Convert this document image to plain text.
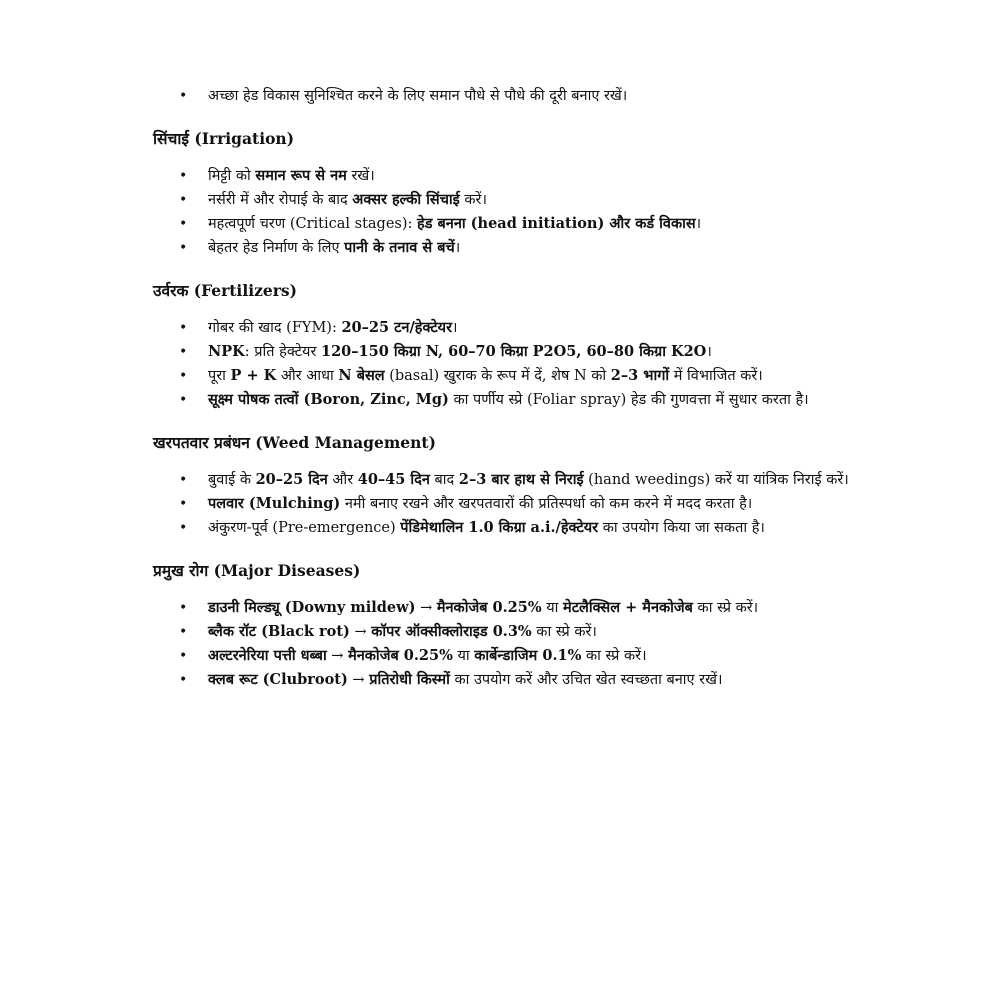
• अच्छा हेड विकास सुनिश्चित करने के लिए समान पौधे से पौधे की दूरी बनाए रखें।
सिंचाई (Irrigation)
• मिट्टी को समान रूप से नम रखें।
• नर्सरी में और रोपाई के बाद अक्सर हल्की सिंचाई करें।
• महत्वपूर्ण चरण (Critical stages): हेड बनना (head initiation) और कर्ड विकास।
• बेहतर हेड निर्माण के लिए पानी के तनाव से बचें।
उर्वरक (Fertilizers)
• गोबर की खाद (FYM): 20–25 टन/हेक्टेयर।
• NPK: प्रति हेक्टेयर 120–150 किग्रा N, 60–70 किग्रा P2O5, 60–80 किग्रा K2O।
• पूरा P + K और आधा N बेसल (basal) खुराक के रूप में दें, शेष N को 2–3 भागों में विभाजित करें।
• सूक्ष्म पोषक तत्वों (Boron, Zinc, Mg) का पर्णीय स्प्रे (Foliar spray) हेड की गुणवत्ता में सुधार करता है।
खरपतवार प्रबंधन (Weed Management)
• बुवाई के 20–25 दिन और 40–45 दिन बाद 2–3 बार हाथ से निराई (hand weedings) करें या यांत्रिक निराई करें।
• पलवार (Mulching) नमी बनाए रखने और खरपतवारों की प्रतिस्पर्धा को कम करने में मदद करता है।
• अंकुरण-पूर्व (Pre-emergence) पेंडिमेथालिन 1.0 किग्रा a.i./हेक्टेयर का उपयोग किया जा सकता है।
प्रमुख रोग (Major Diseases)
• डाउनी मिल्ड्यू (Downy mildew) → मैनकोजेब 0.25% या मेटलैक्सिल + मैनकोजेब का स्प्रे करें।
• ब्लैक रॉट (Black rot) → कॉपर ऑक्सीक्लोराइड 0.3% का स्प्रे करें।
• अल्टरनेरिया पत्ती धब्बा → मैनकोजेब 0.25% या कार्बेन्डाजिम 0.1% का स्प्रे करें।
• क्लब रूट (Clubroot) → प्रतिरोधी किस्मों का उपयोग करें और उचित खेत स्वच्छता बनाए रखें।
